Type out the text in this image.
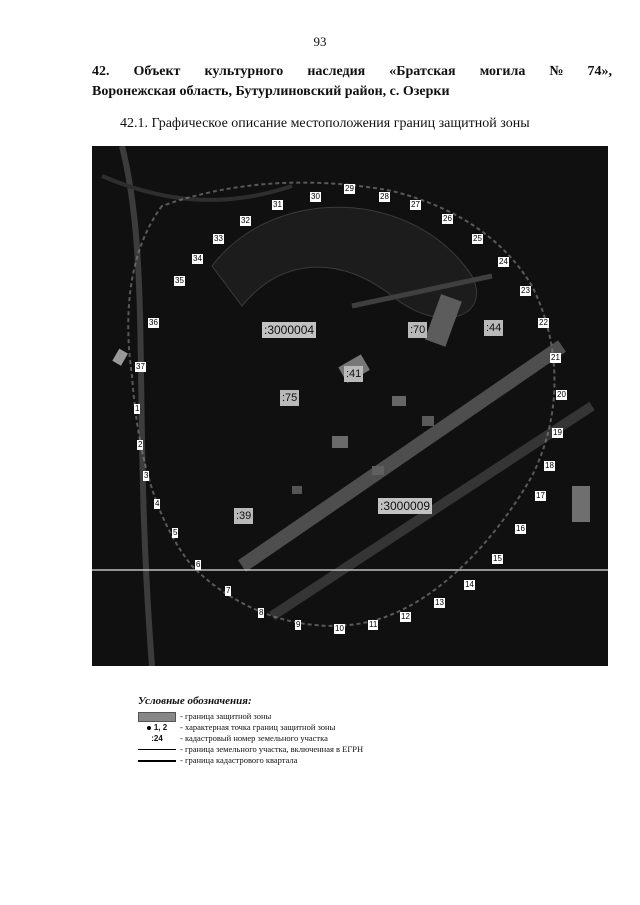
93
42. Объект культурного наследия «Братская могила № 74»,
Воронежская область, Бутурлиновский район, с. Озерки
42.1. Графическое описание местоположения границ защитной зоны
30
29
28
27
26
25
24
23
22
21
20
19
18
17
16
15
14
13
12
11
10
9
8
7
6
5
4
3
2
1
37
36
35
34
33
32
31
:3000004	:70	:44
:41
:75
:3000009
:39
Условные обозначения:
- граница защитной зоны
1, 2 - характерная точка границ защитной зоны
:24 - кадастровый номер земельного участка
- граница земельного участка, включенная в ЕГРН
- граница кадастрового квартала
